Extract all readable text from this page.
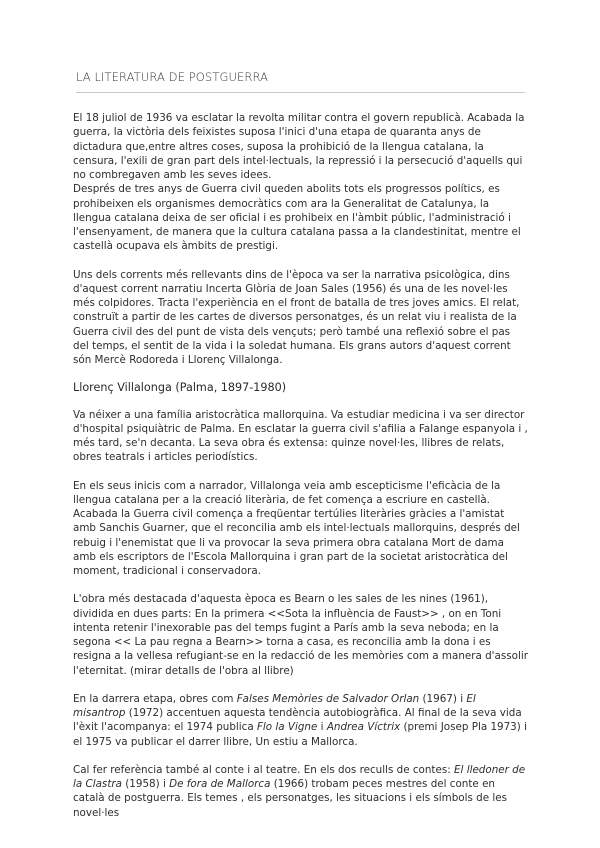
LA LITERATURA DE POSTGUERRA

El 18 juliol de 1936 va esclatar la revolta militar contra el govern republicà. Acabada la guerra, la victòria dels feixistes suposa l'inici d'una etapa de quaranta anys de dictadura que,entre altres coses, suposa la prohibició de la llengua catalana, la censura, l'exili de gran part dels intel·lectuals, la repressió i la persecució d'aquells qui no combregaven amb les seves idees.

Després de tres anys de Guerra civil queden abolits tots els progressos polítics, es prohibeixen els organismes democràtics com ara la Generalitat de Catalunya, la llengua catalana deixa de ser oficial i es prohibeix en l'àmbit públic, l'administració i l'ensenyament, de manera que la cultura catalana passa a la clandestinitat, mentre el castellà ocupava els àmbits de prestigi.

Uns dels corrents més rellevants dins de l'època va ser la narrativa psicològica, dins d'aquest corrent narratiu Incerta Glòria de Joan Sales (1956) és una de les novel·les més colpidores. Tracta l'experiència en el front de batalla de tres joves amics. El relat, construït a partir de les cartes de diversos personatges, és un relat viu i realista de la Guerra civil des del punt de vista dels vençuts; però també una reflexió sobre el pas del temps, el sentit de la vida i la soledat humana. Els grans autors d'aquest corrent són Mercè Rodoreda i Llorenç Villalonga.

Llorenç Villalonga (Palma, 1897-1980)

Va néixer a una família aristocràtica mallorquina. Va estudiar medicina i va ser director d'hospital psiquiàtric de Palma. En esclatar la guerra civil s'afilia a Falange espanyola i , més tard, se'n decanta. La seva obra és extensa: quinze novel·les, llibres de relats, obres teatrals i articles periodístics.

En els seus inicis com a narrador, Villalonga veia amb escepticisme l'eficàcia de la llengua catalana per a la creació literària, de fet comença a escriure en castellà. Acabada la Guerra civil comença a freqüentar tertúlies literàries gràcies a l'amistat amb Sanchis Guarner, que el reconcilia amb els intel·lectuals mallorquins, després del rebuig i l'enemistat que li va provocar la seva primera obra catalana Mort de dama amb els escriptors de l'Escola Mallorquina i gran part de la societat aristocràtica del moment, tradicional i conservadora.

L'obra més destacada d'aquesta època es Bearn o les sales de les nines (1961), dividida en dues parts: En la primera <<Sota la influència de Faust>> , on en Toni intenta retenir l'inexorable pas del temps fugint a París amb la seva neboda; en la segona << La pau regna a Bearn>> torna a casa, es reconcilia amb la dona i es resigna a la vellesa refugiant-se en la redacció de les memòries com a manera d'assolir l'eternitat. (mirar detalls de l'obra al llibre)

En la darrera etapa, obres com Falses Memòries de Salvador Orlan (1967) i El misantrop (1972) accentuen aquesta tendència autobiogràfica. Al final de la seva vida l'èxit l'acompanya: el 1974 publica Flo la Vigne i Andrea Víctrix (premi Josep Pla 1973) i el 1975 va publicar el darrer llibre, Un estiu a Mallorca.

Cal fer referència també al conte i al teatre. En els dos reculls de contes: El lledoner de la Clastra (1958) i De fora de Mallorca (1966) trobam peces mestres del conte en català de postguerra. Els temes , els personatges, les situacions i els símbols de les novel·les
